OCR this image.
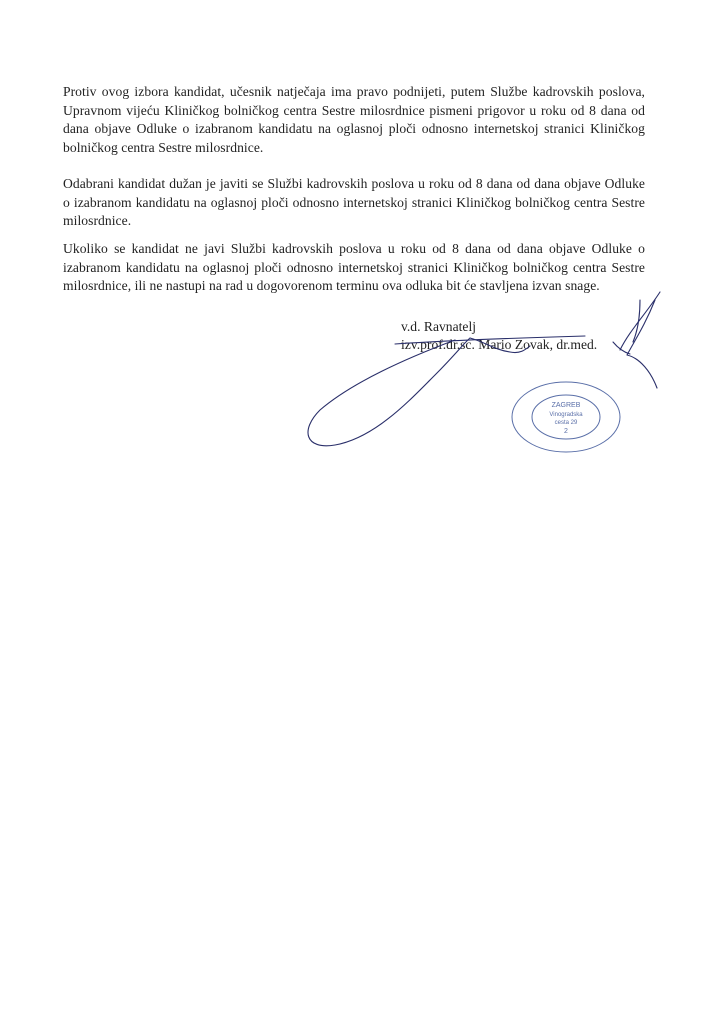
Protiv ovog izbora kandidat, učesnik natječaja ima pravo podnijeti, putem Službe kadrovskih poslova, Upravnom vijeću Kliničkog bolničkog centra Sestre milosrdnice pismeni prigovor u roku od 8 dana od dana objave Odluke o izabranom kandidatu na oglasnoj ploči odnosno internetskoj stranici Kliničkog bolničkog centra Sestre milosrdnice.

Odabrani kandidat dužan je javiti se Službi kadrovskih poslova u roku od 8 dana od dana objave Odluke o izabranom kandidatu na oglasnoj ploči odnosno internetskoj stranici Kliničkog bolničkog centra Sestre milosrdnice.

Ukoliko se kandidat ne javi Službi kadrovskih poslova u roku od 8 dana od dana objave Odluke o izabranom kandidatu na oglasnoj ploči odnosno internetskoj stranici Kliničkog bolničkog centra Sestre milosrdnice, ili ne nastupi na rad u dogovorenom terminu ova odluka bit će stavljena izvan snage.

v.d. Ravnatelj
izv.prof.dr.sc. Mario Zovak, dr.med.
ZAGREB
Vinogradska
cesta 29
2
